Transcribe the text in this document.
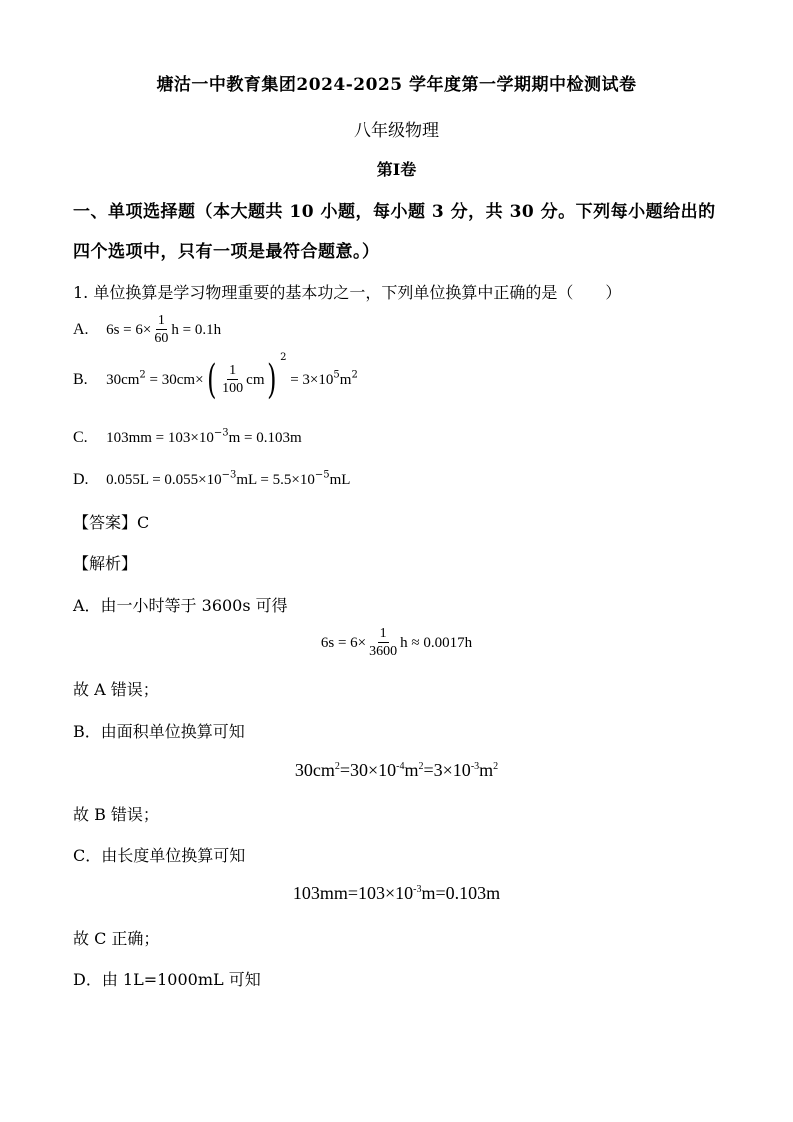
塘沽一中教育集团2024-2025 学年度第一学期期中检测试卷
八年级物理
第I卷
一、单项选择题（本大题共 10 小题，每小题 3 分，共 30 分。下列每小题给出的
四个选项中，只有一项是最符合题意。）
1. 单位换算是学习物理重要的基本功之一，下列单位换算中正确的是（　　）
A. $6s = 6\times \frac{1}{60}$ h = 0.1h
B. $30cm^2 = 30cm\times( \frac{1}{100} cm) ^2 = 3\times 10^5m^2$
C. $103mm = 103\times 10^{-3}m = 0.103m$
D. $0.055L = 0.055\times 10^{-3}mL = 5.5\times 10^{-5}mL$
【答案】C
【解析】
A．由一小时等于 3600s 可得
$6s = 6\times \frac{1}{3600}$ h ≈ 0.0017h
故 A 错误；
B．由面积单位换算可知
$30cm^2=30\times 10^{-4}m^2=3\times 10^{-3}m^2$
故 B 错误；
C．由长度单位换算可知
$103mm=103\times 10^{-3}m=0.103m$
故 C 正确；
D．由 1L=1000mL 可知
